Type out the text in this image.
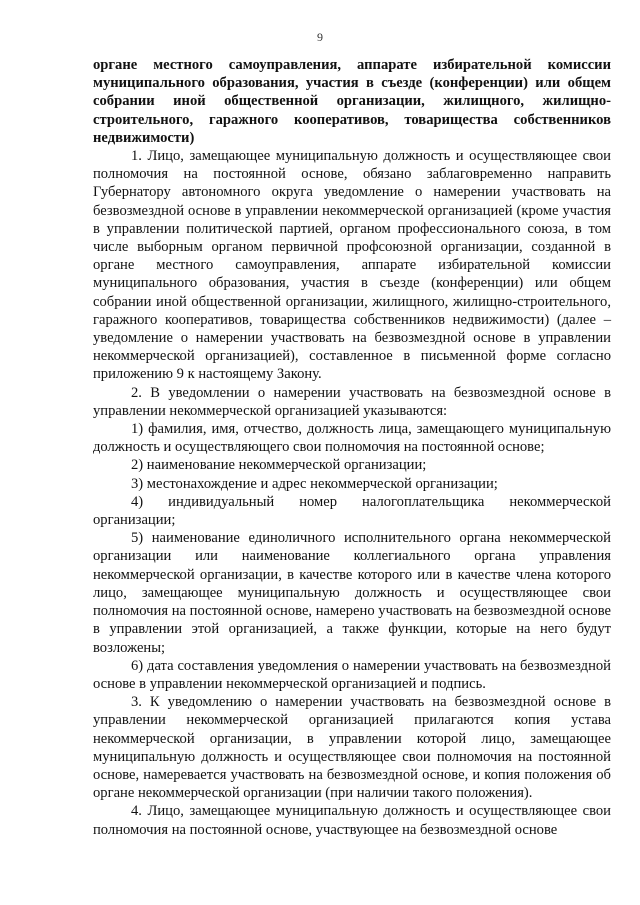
9

органе местного самоуправления, аппарате избирательной комиссии муниципального образования, участия в съезде (конференции) или общем собрании иной общественной организации, жилищного, жилищно-строительного, гаражного кооперативов, товарищества собственников недвижимости)

1. Лицо, замещающее муниципальную должность и осуществляющее свои полномочия на постоянной основе, обязано заблаговременно направить Губернатору автономного округа уведомление о намерении участвовать на безвозмездной основе в управлении некоммерческой организацией (кроме участия в управлении политической партией, органом профессионального союза, в том числе выборным органом первичной профсоюзной организации, созданной в органе местного самоуправления, аппарате избирательной комиссии муниципального образования, участия в съезде (конференции) или общем собрании иной общественной организации, жилищного, жилищно-строительного, гаражного кооперативов, товарищества собственников недвижимости) (далее – уведомление о намерении участвовать на безвозмездной основе в управлении некоммерческой организацией), составленное в письменной форме согласно приложению 9 к настоящему Закону.

2. В уведомлении о намерении участвовать на безвозмездной основе в управлении некоммерческой организацией указываются:

1) фамилия, имя, отчество, должность лица, замещающего муниципальную должность и осуществляющего свои полномочия на постоянной основе;

2) наименование некоммерческой организации;

3) местонахождение и адрес некоммерческой организации;

4) индивидуальный номер налогоплательщика некоммерческой организации;

5) наименование единоличного исполнительного органа некоммерческой организации или наименование коллегиального органа управления некоммерческой организации, в качестве которого или в качестве члена которого лицо, замещающее муниципальную должность и осуществляющее свои полномочия на постоянной основе, намерено участвовать на безвозмездной основе в управлении этой организацией, а также функции, которые на него будут возложены;

6) дата составления уведомления о намерении участвовать на безвозмездной основе в управлении некоммерческой организацией и подпись.

3. К уведомлению о намерении участвовать на безвозмездной основе в управлении некоммерческой организацией прилагаются копия устава некоммерческой организации, в управлении которой лицо, замещающее муниципальную должность и осуществляющее свои полномочия на постоянной основе, намеревается участвовать на безвозмездной основе, и копия положения об органе некоммерческой организации (при наличии такого положения).

4. Лицо, замещающее муниципальную должность и осуществляющее свои полномочия на постоянной основе, участвующее на безвозмездной основе
